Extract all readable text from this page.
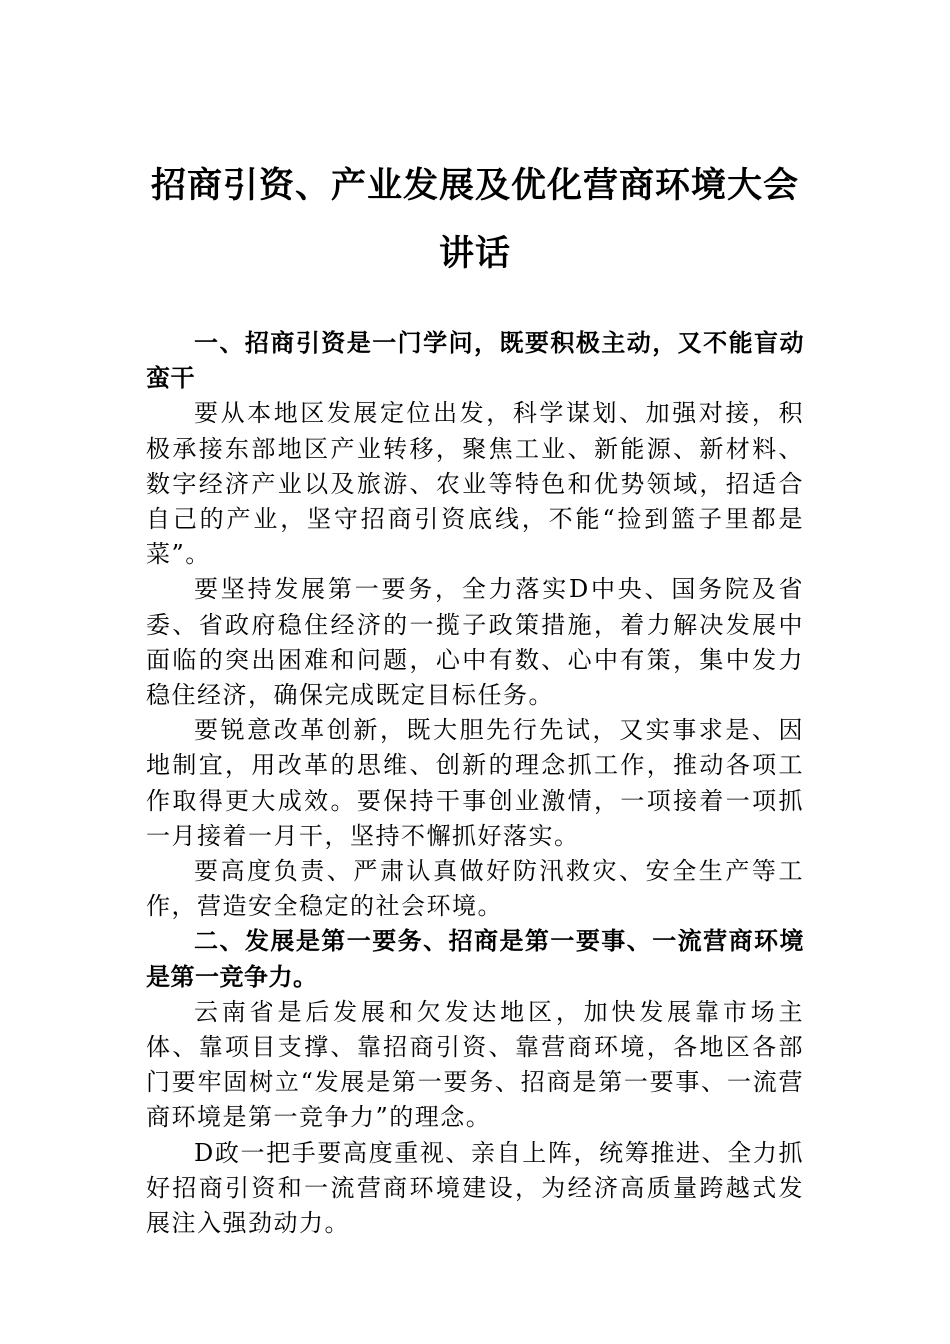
招商引资、产业发展及优化营商环境大会
讲话

一、招商引资是一门学问，既要积极主动，又不能盲动蛮干

要从本地区发展定位出发，科学谋划、加强对接，积极承接东部地区产业转移，聚焦工业、新能源、新材料、数字经济产业以及旅游、农业等特色和优势领域，招适合自己的产业，坚守招商引资底线，不能“捡到篮子里都是菜”。

要坚持发展第一要务，全力落实D中央、国务院及省委、省政府稳住经济的一揽子政策措施，着力解决发展中面临的突出困难和问题，心中有数、心中有策，集中发力稳住经济，确保完成既定目标任务。

要锐意改革创新，既大胆先行先试，又实事求是、因地制宜，用改革的思维、创新的理念抓工作，推动各项工作取得更大成效。要保持干事创业激情，一项接着一项抓一月接着一月干，坚持不懈抓好落实。

要高度负责、严肃认真做好防汛救灾、安全生产等工作，营造安全稳定的社会环境。

二、发展是第一要务、招商是第一要事、一流营商环境是第一竞争力。

云南省是后发展和欠发达地区，加快发展靠市场主体、靠项目支撑、靠招商引资、靠营商环境，各地区各部门要牢固树立“发展是第一要务、招商是第一要事、一流营商环境是第一竞争力”的理念。

D政一把手要高度重视、亲自上阵，统筹推进、全力抓好招商引资和一流营商环境建设，为经济高质量跨越式发展注入强劲动力。
